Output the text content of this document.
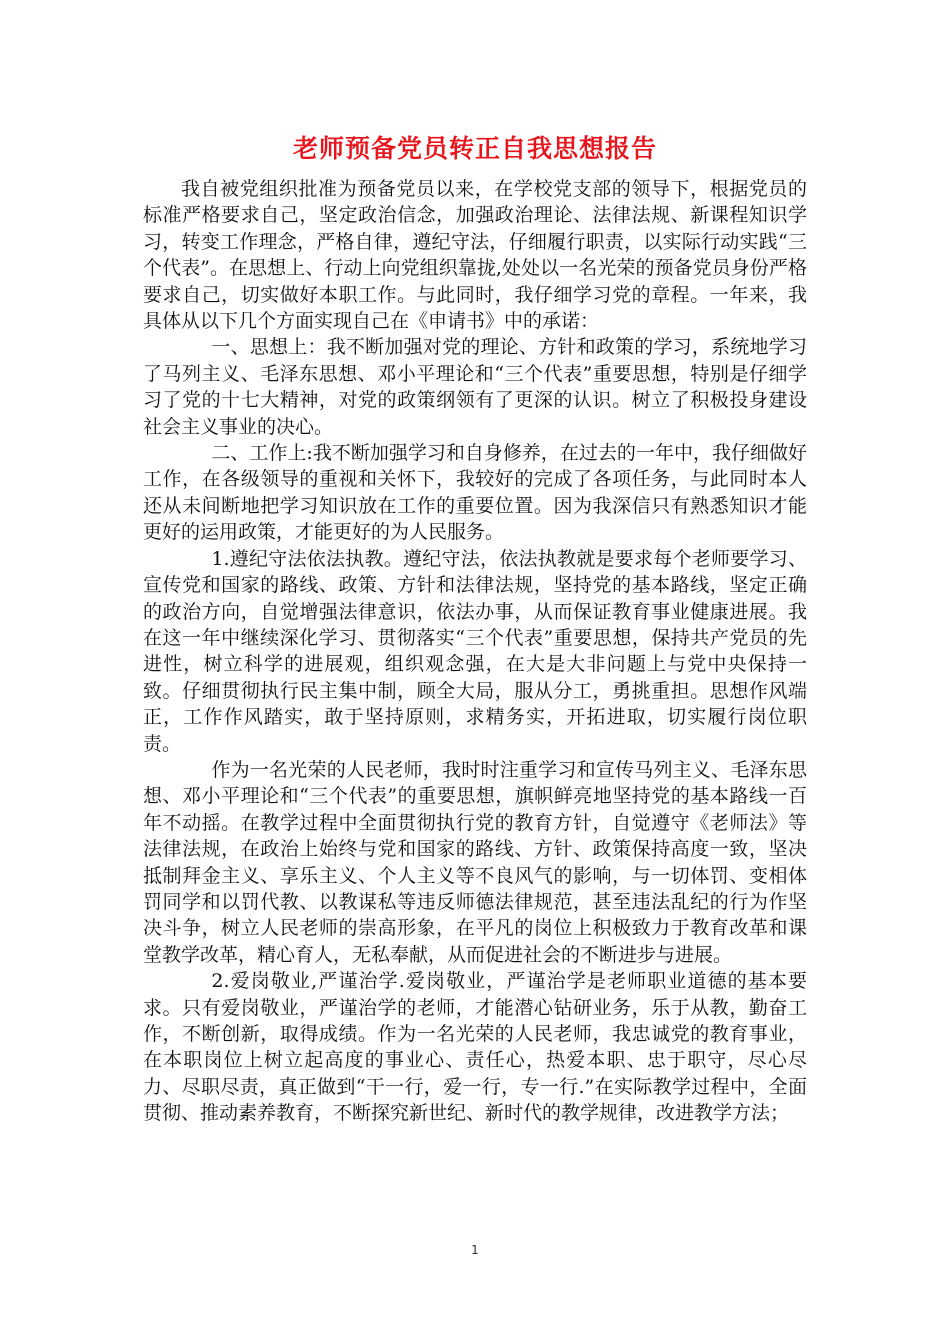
老师预备党员转正自我思想报告

我自被党组织批准为预备党员以来，在学校党支部的领导下，根据党员的标准严格要求自己，坚定政治信念，加强政治理论、法律法规、新课程知识学习，转变工作理念，严格自律，遵纪守法，仔细履行职责，以实际行动实践“三个代表”。在思想上、行动上向党组织靠拢,处处以一名光荣的预备党员身份严格要求自己，切实做好本职工作。与此同时，我仔细学习党的章程。一年来，我具体从以下几个方面实现自己在《申请书》中的承诺：

一、思想上：我不断加强对党的理论、方针和政策的学习，系统地学习了马列主义、毛泽东思想、邓小平理论和“三个代表”重要思想，特别是仔细学习了党的十七大精神，对党的政策纲领有了更深的认识。树立了积极投身建设社会主义事业的决心。

二、工作上:我不断加强学习和自身修养，在过去的一年中，我仔细做好工作，在各级领导的重视和关怀下，我较好的完成了各项任务，与此同时本人还从未间断地把学习知识放在工作的重要位置。因为我深信只有熟悉知识才能更好的运用政策，才能更好的为人民服务。

1.遵纪守法依法执教。遵纪守法，依法执教就是要求每个老师要学习、宣传党和国家的路线、政策、方针和法律法规，坚持党的基本路线，坚定正确的政治方向，自觉增强法律意识，依法办事，从而保证教育事业健康进展。我在这一年中继续深化学习、贯彻落实“三个代表”重要思想，保持共产党员的先进性，树立科学的进展观，组织观念强，在大是大非问题上与党中央保持一致。仔细贯彻执行民主集中制，顾全大局，服从分工，勇挑重担。思想作风端正，工作作风踏实，敢于坚持原则，求精务实，开拓进取，切实履行岗位职责。

作为一名光荣的人民老师，我时时注重学习和宣传马列主义、毛泽东思想、邓小平理论和“三个代表”的重要思想，旗帜鲜亮地坚持党的基本路线一百年不动摇。在教学过程中全面贯彻执行党的教育方针，自觉遵守《老师法》等法律法规，在政治上始终与党和国家的路线、方针、政策保持高度一致，坚决抵制拜金主义、享乐主义、个人主义等不良风气的影响，与一切体罚、变相体罚同学和以罚代教、以教谋私等违反师德法律规范，甚至违法乱纪的行为作坚决斗争，树立人民老师的崇高形象，在平凡的岗位上积极致力于教育改革和课堂教学改革，精心育人，无私奉献，从而促进社会的不断进步与进展。

2.爱岗敬业,严谨治学.爱岗敬业，严谨治学是老师职业道德的基本要求。只有爱岗敬业，严谨治学的老师，才能潜心钻研业务，乐于从教，勤奋工作，不断创新，取得成绩。作为一名光荣的人民老师，我忠诚党的教育事业，在本职岗位上树立起高度的事业心、责任心，热爱本职、忠于职守，尽心尽力、尽职尽责，真正做到“干一行，爱一行，专一行.”在实际教学过程中，全面贯彻、推动素养教育，不断探究新世纪、新时代的教学规律，改进教学方法；

1
